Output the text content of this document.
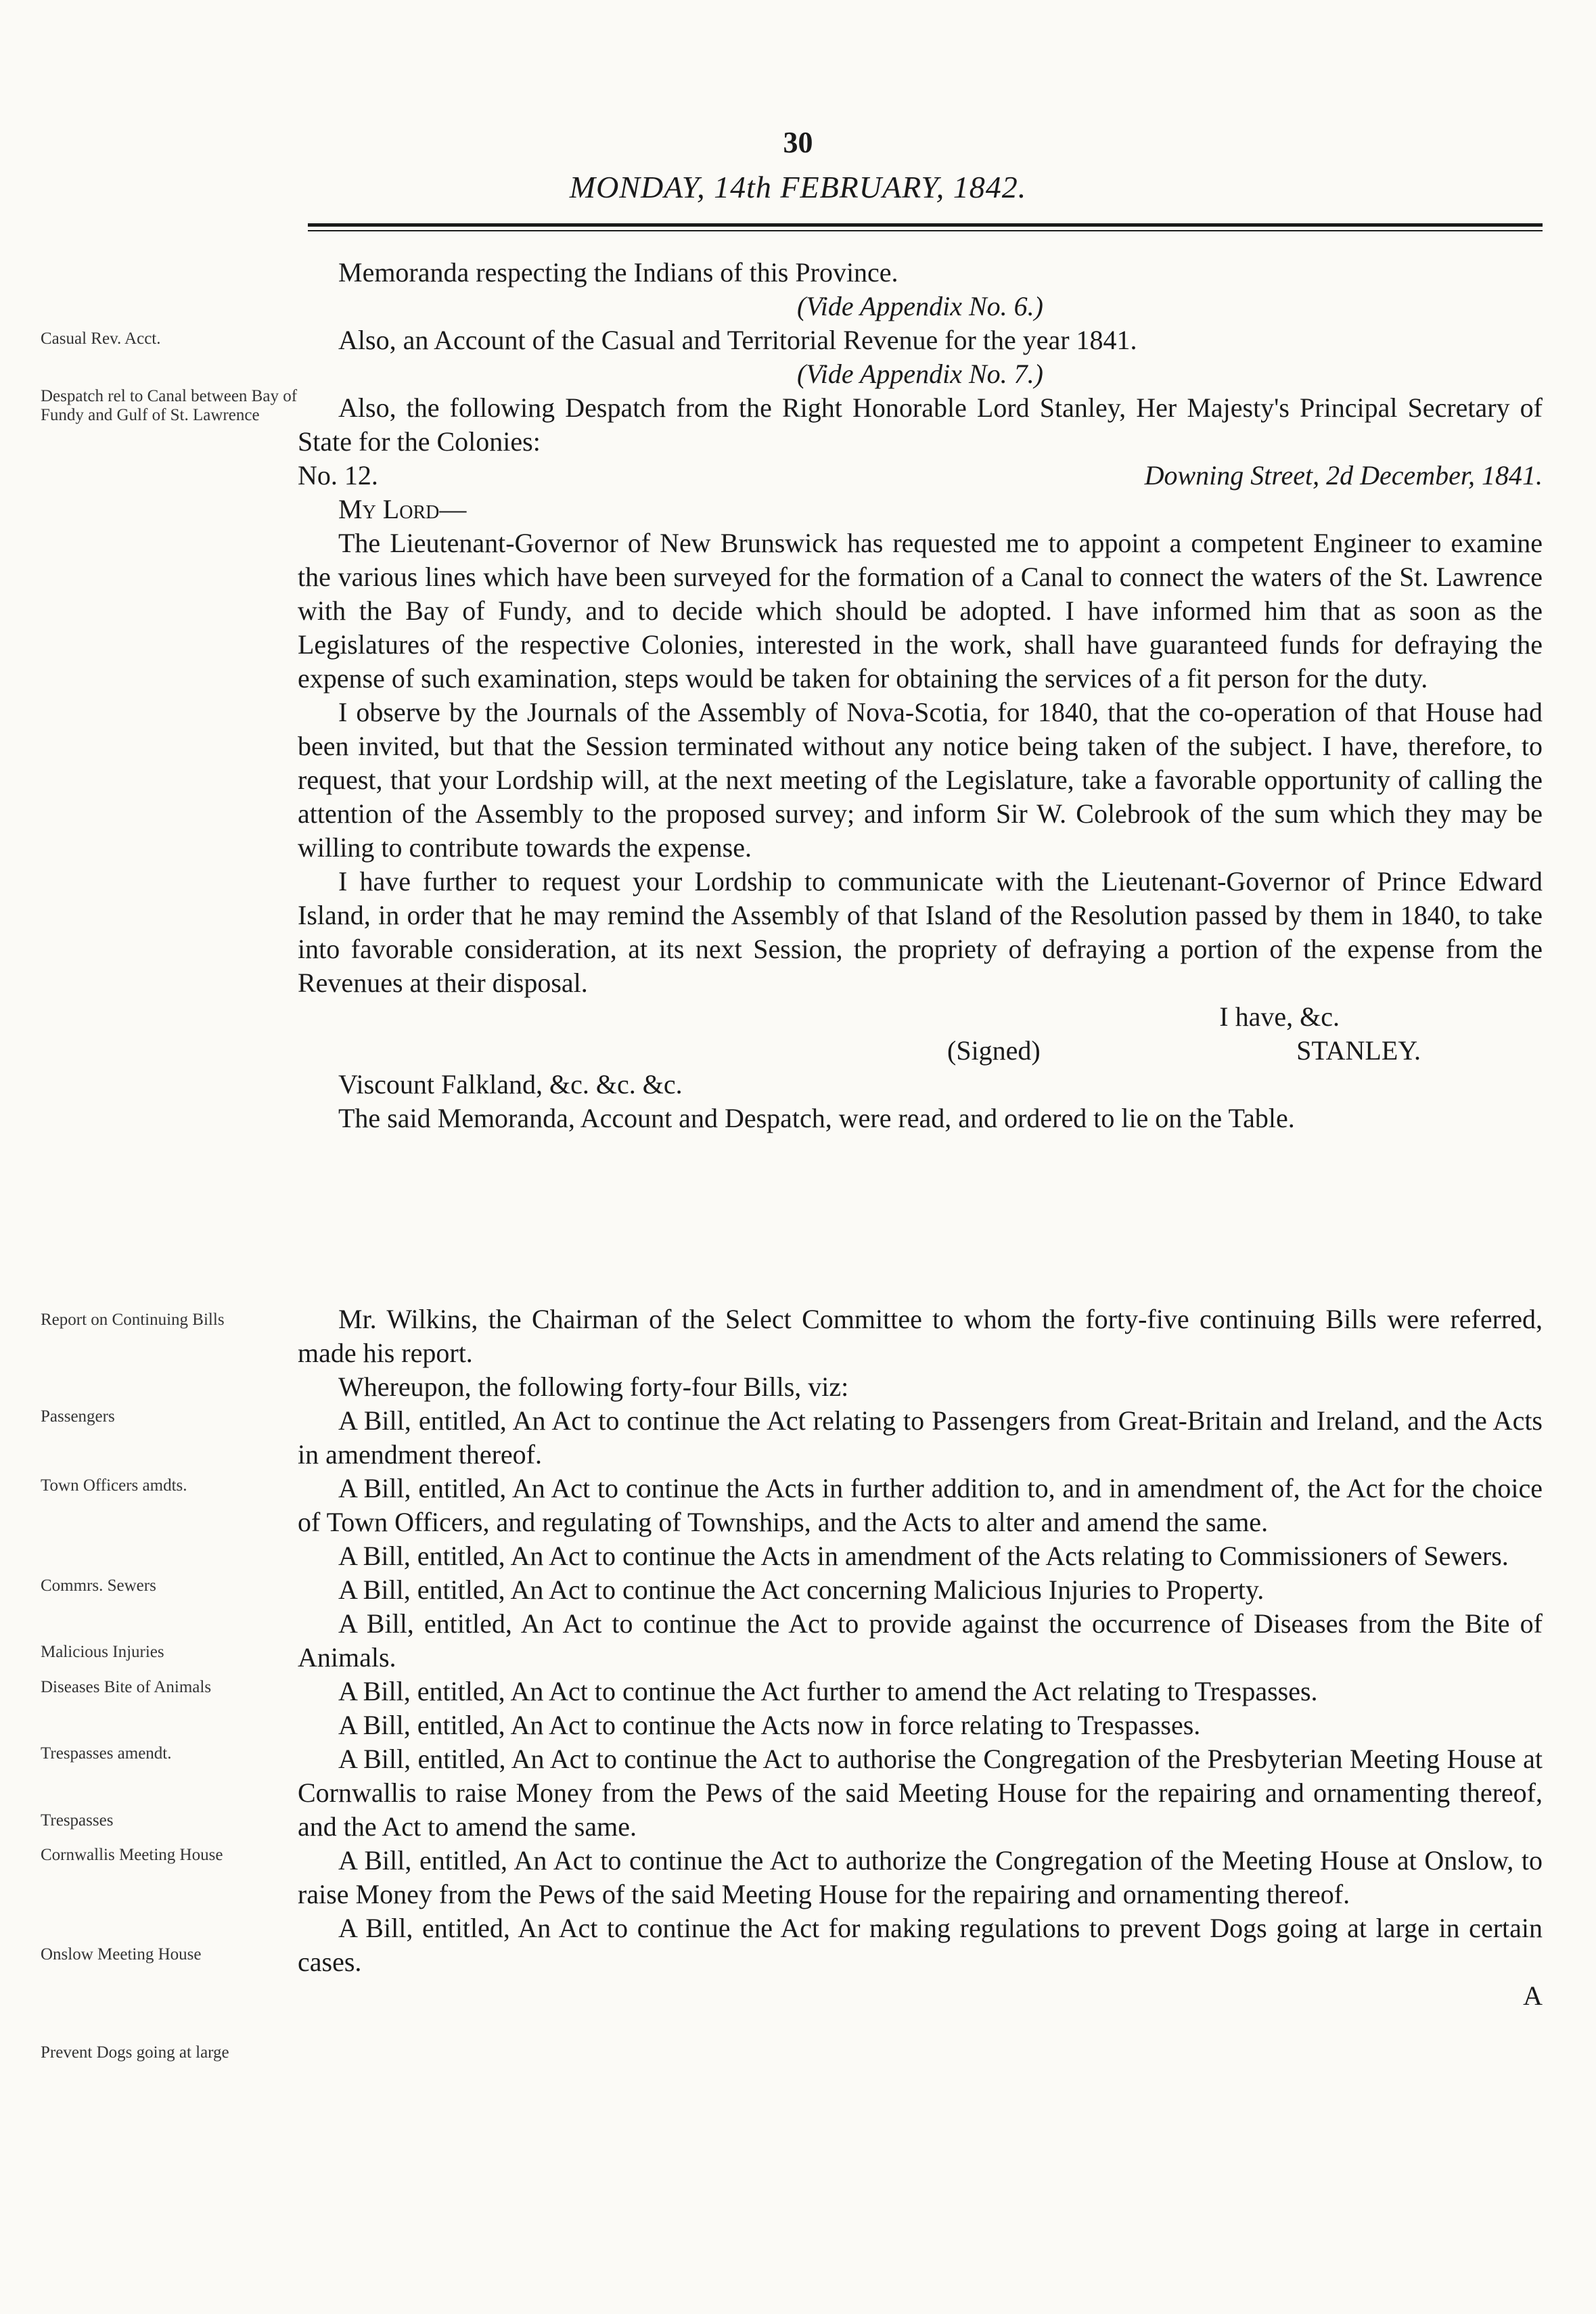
30
MONDAY, 14th FEBRUARY, 1842.
Casual Rev. Acct.
Despatch rel to Canal between Bay of Fundy and Gulf of St. Lawrence
Report on Continuing Bills
Passengers
Town Officers amdts.
Commrs. Sewers
Malicious Injuries
Diseases Bite of Animals
Trespasses amendt.
Trespasses
Cornwallis Meeting House
Onslow Meeting House
Prevent Dogs going at large

Memoranda respecting the Indians of this Province.

(Vide Appendix No. 6.)

Also, an Account of the Casual and Territorial Revenue for the year 1841.

(Vide Appendix No. 7.)

Also, the following Despatch from the Right Honorable Lord Stanley, Her Majesty's Principal Secretary of State for the Colonies:

No. 12.	Downing Street, 2d December, 1841.

My Lord—

The Lieutenant-Governor of New Brunswick has requested me to appoint a competent Engineer to examine the various lines which have been surveyed for the formation of a Canal to connect the waters of the St. Lawrence with the Bay of Fundy, and to decide which should be adopted. I have informed him that as soon as the Legislatures of the respective Colonies, interested in the work, shall have guaranteed funds for defraying the expense of such examination, steps would be taken for obtaining the services of a fit person for the duty.

I observe by the Journals of the Assembly of Nova-Scotia, for 1840, that the co-operation of that House had been invited, but that the Session terminated without any notice being taken of the subject. I have, therefore, to request, that your Lordship will, at the next meeting of the Legislature, take a favorable opportunity of calling the attention of the Assembly to the proposed survey; and inform Sir W. Colebrook of the sum which they may be willing to contribute towards the expense.

I have further to request your Lordship to communicate with the Lieutenant-Governor of Prince Edward Island, in order that he may remind the Assembly of that Island of the Resolution passed by them in 1840, to take into favorable consideration, at its next Session, the propriety of defraying a portion of the expense from the Revenues at their disposal.

I have, &c.

(Signed)	STANLEY.

Viscount Falkland, &c. &c. &c.

The said Memoranda, Account and Despatch, were read, and ordered to lie on the Table.

Mr. Wilkins, the Chairman of the Select Committee to whom the forty-five continuing Bills were referred, made his report.

Whereupon, the following forty-four Bills, viz:

A Bill, entitled, An Act to continue the Act relating to Passengers from Great-Britain and Ireland, and the Acts in amendment thereof.

A Bill, entitled, An Act to continue the Acts in further addition to, and in amendment of, the Act for the choice of Town Officers, and regulating of Townships, and the Acts to alter and amend the same.

A Bill, entitled, An Act to continue the Acts in amendment of the Acts relating to Commissioners of Sewers.

A Bill, entitled, An Act to continue the Act concerning Malicious Injuries to Property.

A Bill, entitled, An Act to continue the Act to provide against the occurrence of Diseases from the Bite of Animals.

A Bill, entitled, An Act to continue the Act further to amend the Act relating to Trespasses.

A Bill, entitled, An Act to continue the Acts now in force relating to Trespasses.

A Bill, entitled, An Act to continue the Act to authorise the Congregation of the Presbyterian Meeting House at Cornwallis to raise Money from the Pews of the said Meeting House for the repairing and ornamenting thereof, and the Act to amend the same.

A Bill, entitled, An Act to continue the Act to authorize the Congregation of the Meeting House at Onslow, to raise Money from the Pews of the said Meeting House for the repairing and ornamenting thereof.

A Bill, entitled, An Act to continue the Act for making regulations to prevent Dogs going at large in certain cases.

A
